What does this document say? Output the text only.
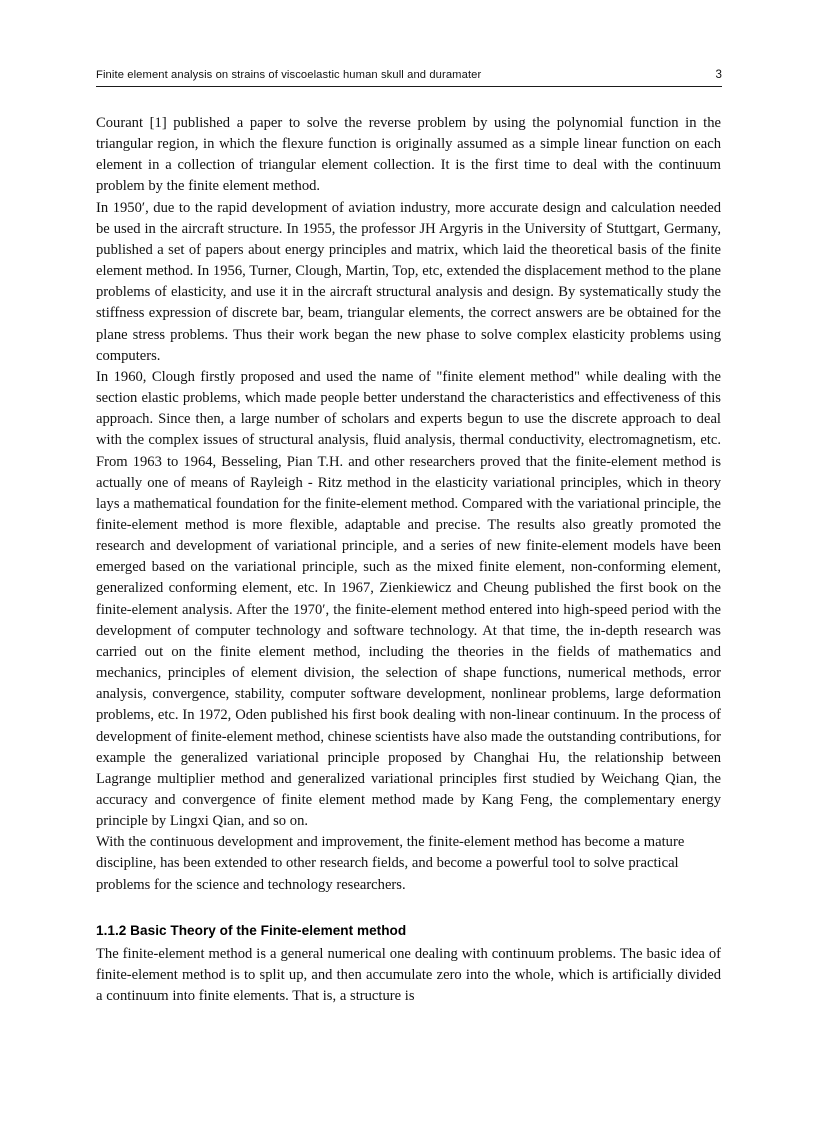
Finite element analysis on strains of viscoelastic human skull and duramater	3

Courant [1] published a paper to solve the reverse problem by using the polynomial function in the triangular region, in which the flexure function is originally assumed as a simple linear function on each element in a collection of triangular element collection. It is the first time to deal with the continuum problem by the finite element method.

In 1950′, due to the rapid development of aviation industry, more accurate design and calculation needed be used in the aircraft structure. In 1955, the professor JH Argyris in the University of Stuttgart, Germany, published a set of papers about energy principles and matrix, which laid the theoretical basis of the finite element method. In 1956, Turner, Clough, Martin, Top, etc, extended the displacement method to the plane problems of elasticity, and use it in the aircraft structural analysis and design. By systematically study the stiffness expression of discrete bar, beam, triangular elements, the correct answers are be obtained for the plane stress problems. Thus their work began the new phase to solve complex elasticity problems using computers.

In 1960, Clough firstly proposed and used the name of "finite element method" while dealing with the section elastic problems, which made people better understand the characteristics and effectiveness of this approach. Since then, a large number of scholars and experts begun to use the discrete approach to deal with the complex issues of structural analysis, fluid analysis, thermal conductivity, electromagnetism, etc. From 1963 to 1964, Besseling, Pian T.H. and other researchers proved that the finite-element method is actually one of means of Rayleigh - Ritz method in the elasticity variational principles, which in theory lays a mathematical foundation for the finite-element method. Compared with the variational principle, the finite-element method is more flexible, adaptable and precise. The results also greatly promoted the research and development of variational principle, and a series of new finite-element models have been emerged based on the variational principle, such as the mixed finite element, non-conforming element, generalized conforming element, etc. In 1967, Zienkiewicz and Cheung published the first book on the finite-element analysis. After the 1970′, the finite-element method entered into high-speed period with the development of computer technology and software technology. At that time, the in-depth research was carried out on the finite element method, including the theories in the fields of mathematics and mechanics, principles of element division, the selection of shape functions, numerical methods, error analysis, convergence, stability, computer software development, nonlinear problems, large deformation problems, etc. In 1972, Oden published his first book dealing with non-linear continuum. In the process of development of finite-element method, chinese scientists have also made the outstanding contributions, for example the generalized variational principle proposed by Changhai Hu, the relationship between Lagrange multiplier method and generalized variational principles first studied by Weichang Qian, the accuracy and convergence of finite element method made by Kang Feng, the complementary energy principle by Lingxi Qian, and so on.

With the continuous development and improvement, the finite-element method has become a mature discipline, has been extended to other research fields, and become a powerful tool to solve practical problems for the science and technology researchers.

1.1.2 Basic Theory of the Finite-element method

The finite-element method is a general numerical one dealing with continuum problems. The basic idea of finite-element method is to split up, and then accumulate zero into the whole, which is artificially divided a continuum into finite elements. That is, a structure is
